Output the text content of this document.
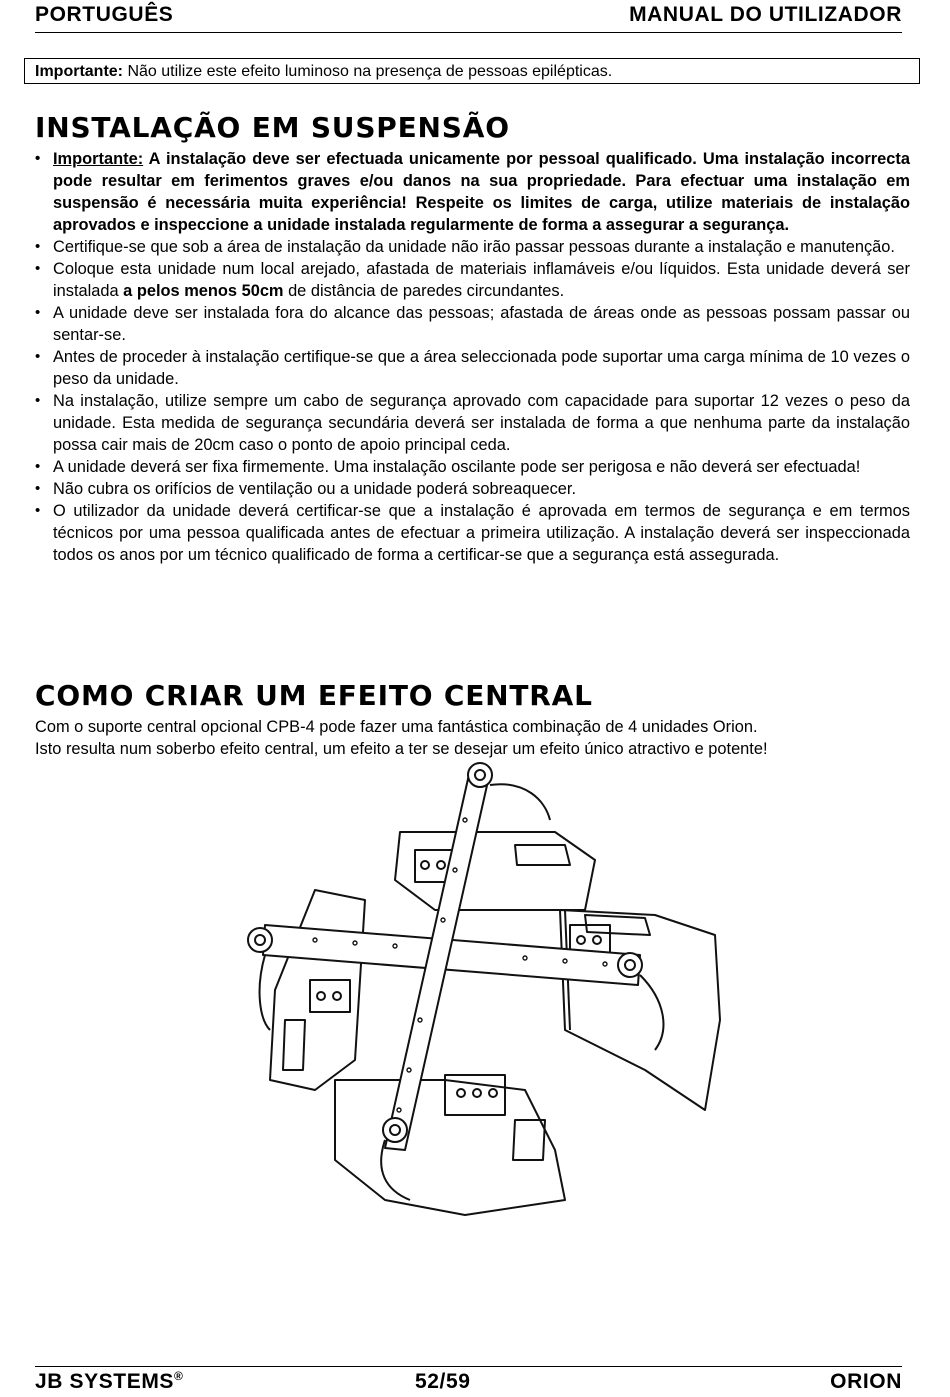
PORTUGUÊS	MANUAL DO UTILIZADOR
Importante: Não utilize este efeito luminoso na presença de pessoas epilépticas.
INSTALAÇÃO EM SUSPENSÃO
• Importante: A instalação deve ser efectuada unicamente por pessoal qualificado. Uma instalação incorrecta pode resultar em ferimentos graves e/ou danos na sua propriedade. Para efectuar uma instalação em suspensão é necessária muita experiência! Respeite os limites de carga, utilize materiais de instalação aprovados e inspeccione a unidade instalada regularmente de forma a assegurar a segurança.
• Certifique-se que sob a área de instalação da unidade não irão passar pessoas durante a instalação e manutenção.
• Coloque esta unidade num local arejado, afastada de materiais inflamáveis e/ou líquidos. Esta unidade deverá ser instalada a pelos menos 50cm de distância de paredes circundantes.
• A unidade deve ser instalada fora do alcance das pessoas; afastada de áreas onde as pessoas possam passar ou sentar-se.
• Antes de proceder à instalação certifique-se que a área seleccionada pode suportar uma carga mínima de 10 vezes o peso da unidade.
• Na instalação, utilize sempre um cabo de segurança aprovado com capacidade para suportar 12 vezes o peso da unidade. Esta medida de segurança secundária deverá ser instalada de forma a que nenhuma parte da instalação possa cair mais de 20cm caso o ponto de apoio principal ceda.
• A unidade deverá ser fixa firmemente. Uma instalação oscilante pode ser perigosa e não deverá ser efectuada!
• Não cubra os orifícios de ventilação ou a unidade poderá sobreaquecer.
• O utilizador da unidade deverá certificar-se que a instalação é aprovada em termos de segurança e em termos técnicos por uma pessoa qualificada antes de efectuar a primeira utilização. A instalação deverá ser inspeccionada todos os anos por um técnico qualificado de forma a certificar-se que a segurança está assegurada.
COMO CRIAR UM EFEITO CENTRAL
Com o suporte central opcional CPB-4 pode fazer uma fantástica combinação de 4 unidades Orion.
Isto resulta num soberbo efeito central, um efeito a ter se desejar um efeito único atractivo e potente!
JB SYSTEMS®	52/59	ORION
